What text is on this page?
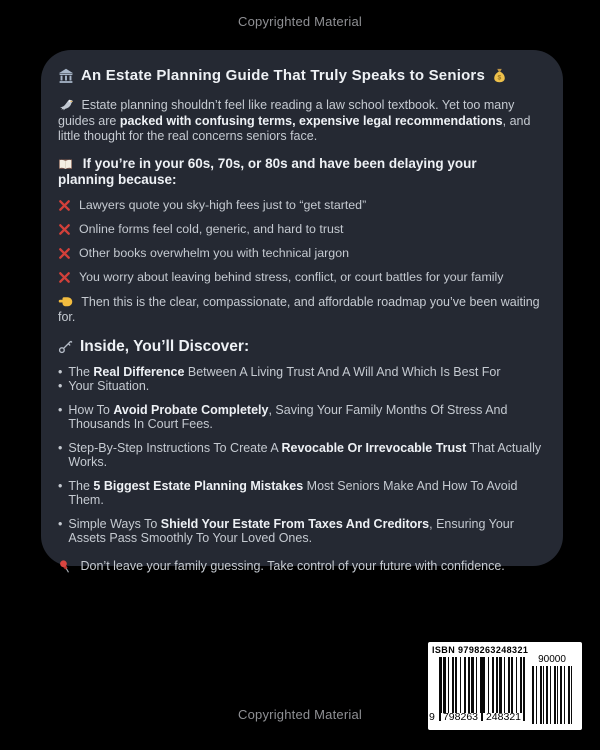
Copyrighted Material
An Estate Planning Guide That Truly Speaks to Seniors $

Estate planning shouldn’t feel like reading a law school textbook. Yet too many guides are packed with confusing terms, expensive legal recommendations, and little thought for the real concerns seniors face.

If you’re in your 60s, 70s, or 80s and have been delaying your planning because:
Lawyers quote you sky-high fees just to “get started”
Online forms feel cold, generic, and hard to trust
Other books overwhelm you with technical jargon
You worry about leaving behind stress, conflict, or court battles for your family

Then this is the clear, compassionate, and affordable roadmap you’ve been waiting for.

Inside, You’ll Discover:
• The Real Difference Between A Living Trust And A Will And Which Is Best For
• Your Situation.
• How To Avoid Probate Completely, Saving Your Family Months Of Stress And Thousands In Court Fees.
• Step-By-Step Instructions To Create A Revocable Or Irrevocable Trust That Actually Works.
• The 5 Biggest Estate Planning Mistakes Most Seniors Make And How To Avoid Them.
• Simple Ways To Shield Your Estate From Taxes And Creditors, Ensuring Your Assets Pass Smoothly To Your Loved Ones.

Don’t leave your family guessing. Take control of your future with confidence.

ISBN 9798263248321
9 798263 248321
90000
Copyrighted Material
